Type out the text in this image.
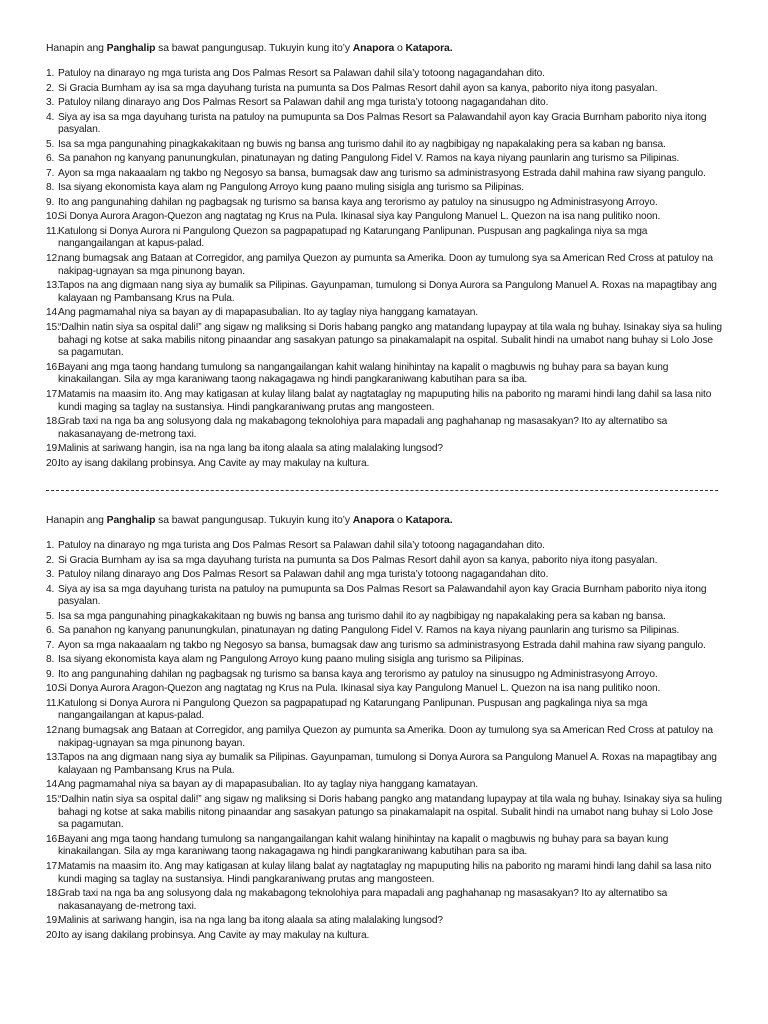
Hanapin ang Panghalip sa bawat pangungusap. Tukuyin kung ito’y Anapora o Katapora.

1. Patuloy na dinarayo ng mga turista ang Dos Palmas Resort sa Palawan dahil sila’y totoong nagagandahan dito.
2. Si Gracia Burnham ay isa sa mga dayuhang turista na pumunta sa Dos Palmas Resort dahil ayon sa kanya, paborito niya itong pasyalan.
3. Patuloy nilang dinarayo ang Dos Palmas Resort sa Palawan dahil ang mga turista’y totoong nagagandahan dito.
4. Siya ay isa sa mga dayuhang turista na patuloy na pumupunta sa Dos Palmas Resort sa Palawandahil ayon kay Gracia Burnham paborito niya itong pasyalan.
5. Isa sa mga pangunahing pinagkakakitaan ng buwis ng bansa ang turismo dahil ito ay nagbibigay ng napakalaking pera sa kaban ng bansa.
6. Sa panahon ng kanyang panunungkulan, pinatunayan ng dating Pangulong Fidel V. Ramos na kaya niyang paunlarin ang turismo sa Pilipinas.
7. Ayon sa mga nakaaalam ng takbo ng Negosyo sa bansa, bumagsak daw ang turismo sa administrasyong Estrada dahil mahina raw siyang pangulo.
8. Isa siyang ekonomista kaya alam ng Pangulong Arroyo kung paano muling sisigla ang turismo sa Pilipinas.
9. Ito ang pangunahing dahilan ng pagbagsak ng turismo sa bansa kaya ang terorismo ay patuloy na sinusugpo ng Administrasyong Arroyo.
10.
Si Donya Aurora Aragon-Quezon ang nagtatag ng Krus na Pula. Ikinasal siya kay Pangulong Manuel L. Quezon na isa nang pulitiko noon.
11. Katulong si Donya Aurora ni Pangulong Quezon sa pagpapatupad ng Katarungang Panlipunan. Puspusan ang pagkalinga niya sa mga nangangailangan at kapus-palad.
12.
nang bumagsak ang Bataan at Corregidor, ang pamilya Quezon ay pumunta sa Amerika. Doon ay tumulong sya sa American Red Cross at patuloy na nakipag-ugnayan sa mga pinunong bayan.
13.
Tapos na ang digmaan nang siya ay bumalik sa Pilipinas. Gayunpaman, tumulong si Donya Aurora sa Pangulong Manuel A. Roxas na mapagtibay ang kalayaan ng Pambansang Krus na Pula.
14.
Ang pagmamahal niya sa bayan ay di mapapasubalian. Ito ay taglay niya hanggang kamatayan.
15.
“Dalhin natin siya sa ospital dali!” ang sigaw ng maliksing si Doris habang pangko ang matandang lupaypay at tila wala ng buhay. Isinakay siya sa huling bahagi ng kotse at saka mabilis nitong pinaandar ang sasakyan patungo sa pinakamalapit na ospital. Subalit hindi na umabot nang buhay si Lolo Jose sa pagamutan.
16.
Bayani ang mga taong handang tumulong sa nangangailangan kahit walang hinihintay na kapalit o magbuwis ng buhay para sa bayan kung kinakailangan. Sila ay mga karaniwang taong nakagagawa ng hindi pangkaraniwang kabutihan para sa iba.
17.
Matamis na maasim ito. Ang may katigasan at kulay lilang balat ay nagtataglay ng mapuputing hilis na paborito ng marami hindi lang dahil sa lasa nito kundi maging sa taglay na sustansiya. Hindi pangkaraniwang prutas ang mangosteen.
18.
Grab taxi na nga ba ang solusyong dala ng makabagong teknolohiya para mapadali ang paghahanap ng masasakyan? Ito ay alternatibo sa nakasanayang de-metrong taxi.
19.
Malinis at sariwang hangin, isa na nga lang ba itong alaala sa ating malalaking lungsod?
20.
Ito ay isang dakilang probinsya. Ang Cavite ay may makulay na kultura.

Hanapin ang Panghalip sa bawat pangungusap. Tukuyin kung ito’y Anapora o Katapora.

1. Patuloy na dinarayo ng mga turista ang Dos Palmas Resort sa Palawan dahil sila’y totoong nagagandahan dito.
2. Si Gracia Burnham ay isa sa mga dayuhang turista na pumunta sa Dos Palmas Resort dahil ayon sa kanya, paborito niya itong pasyalan.
3. Patuloy nilang dinarayo ang Dos Palmas Resort sa Palawan dahil ang mga turista’y totoong nagagandahan dito.
4. Siya ay isa sa mga dayuhang turista na patuloy na pumupunta sa Dos Palmas Resort sa Palawandahil ayon kay Gracia Burnham paborito niya itong pasyalan.
5. Isa sa mga pangunahing pinagkakakitaan ng buwis ng bansa ang turismo dahil ito ay nagbibigay ng napakalaking pera sa kaban ng bansa.
6. Sa panahon ng kanyang panunungkulan, pinatunayan ng dating Pangulong Fidel V. Ramos na kaya niyang paunlarin ang turismo sa Pilipinas.
7. Ayon sa mga nakaaalam ng takbo ng Negosyo sa bansa, bumagsak daw ang turismo sa administrasyong Estrada dahil mahina raw siyang pangulo.
8. Isa siyang ekonomista kaya alam ng Pangulong Arroyo kung paano muling sisigla ang turismo sa Pilipinas.
9. Ito ang pangunahing dahilan ng pagbagsak ng turismo sa bansa kaya ang terorismo ay patuloy na sinusugpo ng Administrasyong Arroyo.
10.
Si Donya Aurora Aragon-Quezon ang nagtatag ng Krus na Pula. Ikinasal siya kay Pangulong Manuel L. Quezon na isa nang pulitiko noon.
11. Katulong si Donya Aurora ni Pangulong Quezon sa pagpapatupad ng Katarungang Panlipunan. Puspusan ang pagkalinga niya sa mga nangangailangan at kapus-palad.
12.
nang bumagsak ang Bataan at Corregidor, ang pamilya Quezon ay pumunta sa Amerika. Doon ay tumulong sya sa American Red Cross at patuloy na nakipag-ugnayan sa mga pinunong bayan.
13.
Tapos na ang digmaan nang siya ay bumalik sa Pilipinas. Gayunpaman, tumulong si Donya Aurora sa Pangulong Manuel A. Roxas na mapagtibay ang kalayaan ng Pambansang Krus na Pula.
14.
Ang pagmamahal niya sa bayan ay di mapapasubalian. Ito ay taglay niya hanggang kamatayan.
15.
“Dalhin natin siya sa ospital dali!” ang sigaw ng maliksing si Doris habang pangko ang matandang lupaypay at tila wala ng buhay. Isinakay siya sa huling bahagi ng kotse at saka mabilis nitong pinaandar ang sasakyan patungo sa pinakamalapit na ospital. Subalit hindi na umabot nang buhay si Lolo Jose sa pagamutan.
16.
Bayani ang mga taong handang tumulong sa nangangailangan kahit walang hinihintay na kapalit o magbuwis ng buhay para sa bayan kung kinakailangan. Sila ay mga karaniwang taong nakagagawa ng hindi pangkaraniwang kabutihan para sa iba.
17.
Matamis na maasim ito. Ang may katigasan at kulay lilang balat ay nagtataglay ng mapuputing hilis na paborito ng marami hindi lang dahil sa lasa nito kundi maging sa taglay na sustansiya. Hindi pangkaraniwang prutas ang mangosteen.
18.
Grab taxi na nga ba ang solusyong dala ng makabagong teknolohiya para mapadali ang paghahanap ng masasakyan? Ito ay alternatibo sa nakasanayang de-metrong taxi.
19.
Malinis at sariwang hangin, isa na nga lang ba itong alaala sa ating malalaking lungsod?
20.
Ito ay isang dakilang probinsya. Ang Cavite ay may makulay na kultura.
